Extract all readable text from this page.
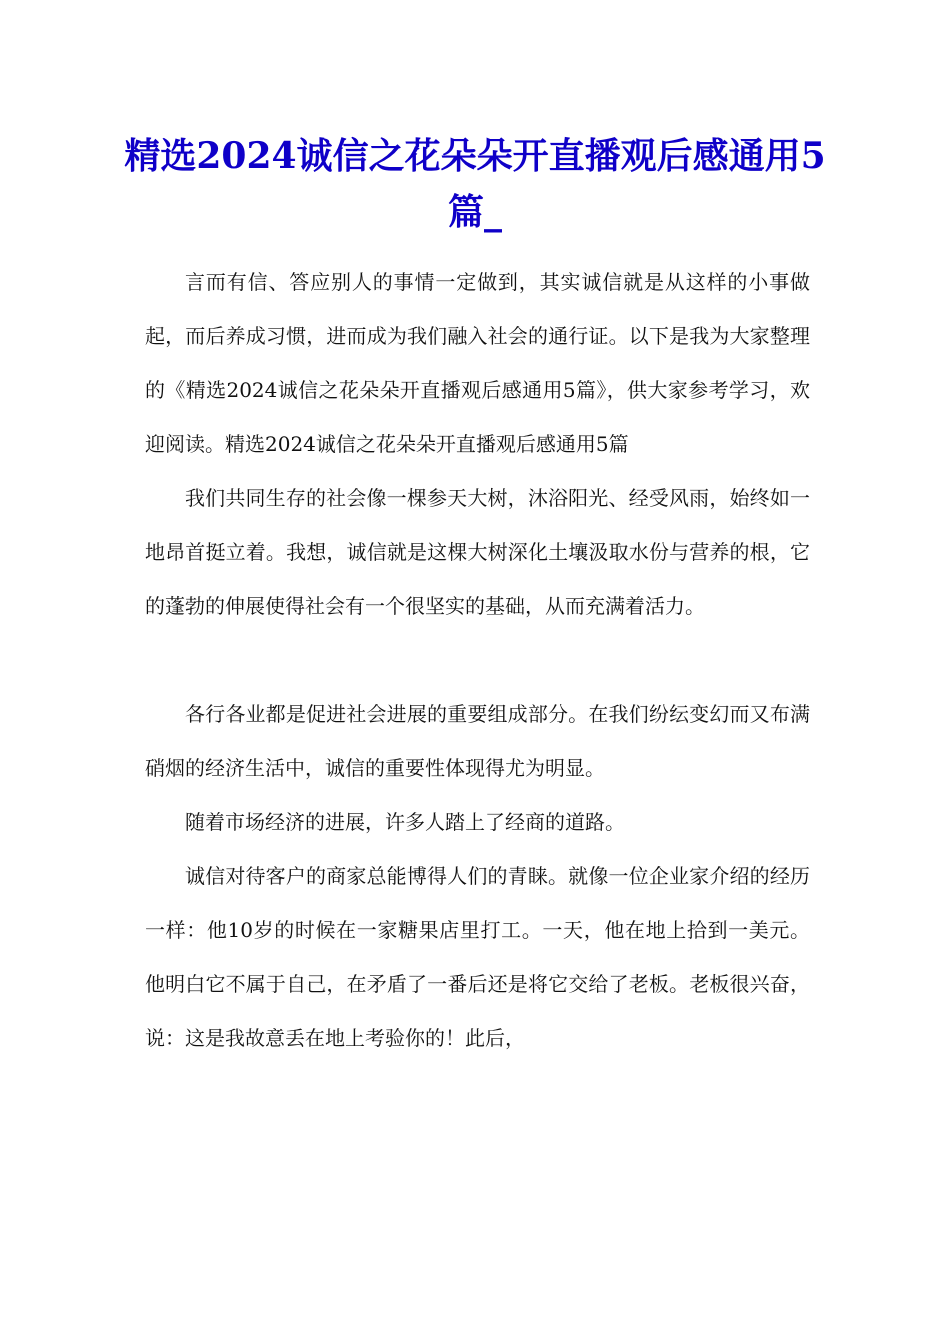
精选2024诚信之花朵朵开直播观后感通用5篇_

言而有信、答应别人的事情一定做到，其实诚信就是从这样的小事做起，而后养成习惯，进而成为我们融入社会的通行证。以下是我为大家整理的《精选2024诚信之花朵朵开直播观后感通用5篇》，供大家参考学习，欢迎阅读。精选2024诚信之花朵朵开直播观后感通用5篇

我们共同生存的社会像一棵参天大树，沐浴阳光、经受风雨，始终如一地昂首挺立着。我想，诚信就是这棵大树深化土壤汲取水份与营养的根，它的蓬勃的伸展使得社会有一个很坚实的基础，从而充满着活力。

各行各业都是促进社会进展的重要组成部分。在我们纷纭变幻而又布满硝烟的经济生活中，诚信的重要性体现得尤为明显。

随着市场经济的进展，许多人踏上了经商的道路。

诚信对待客户的商家总能博得人们的青睐。就像一位企业家介绍的经历一样：他10岁的时候在一家糖果店里打工。一天，他在地上拾到一美元。他明白它不属于自己，在矛盾了一番后还是将它交给了老板。老板很兴奋，说：这是我故意丢在地上考验你的！此后，
